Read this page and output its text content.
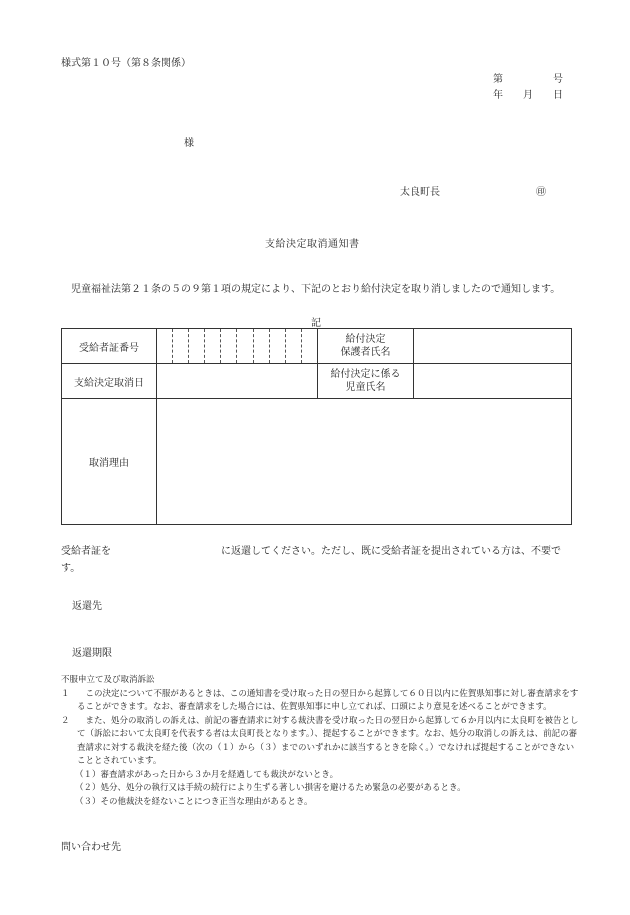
様式第１０号（第８条関係）
第　　　　　号
年　　月　　日
様
太良町長	㊞
支給決定取消通知書
　児童福祉法第２１条の５の９第１項の規定により、下記のとおり給付決定を取り消しましたので通知します。
記
受給者証番号		給付決定
保護者氏名	
支給決定取消日		給付決定に係る
児童氏名	
取消理由			
受給者証を　　　　　　　　　　　に返還してください。ただし、既に受給者証を提出されている方は、不要です。
返還先
返還期限
不服申立て及び取消訴訟
１ 　この決定について不服があるときは、この通知書を受け取った日の翌日から起算して６０日以内に佐賀県知事に対し審査請求をすることができます。なお、審査請求をした場合には、佐賀県知事に申し立てれば、口頭により意見を述べることができます。
２ 　また、処分の取消しの訴えは、前記の審査請求に対する裁決書を受け取った日の翌日から起算して６か月以内に太良町を被告として（訴訟において太良町を代表する者は太良町長となります。）、提起することができます。なお、処分の取消しの訴えは、前記の審査請求に対する裁決を経た後（次の（１）から（３）までのいずれかに該当するときを除く。）でなければ提起することができないこととされています。
（１）審査請求があった日から３か月を経過しても裁決がないとき。
（２）処分、処分の執行又は手続の続行により生ずる著しい損害を避けるため緊急の必要があるとき。
（３）その他裁決を経ないことにつき正当な理由があるとき。
問い合わせ先
